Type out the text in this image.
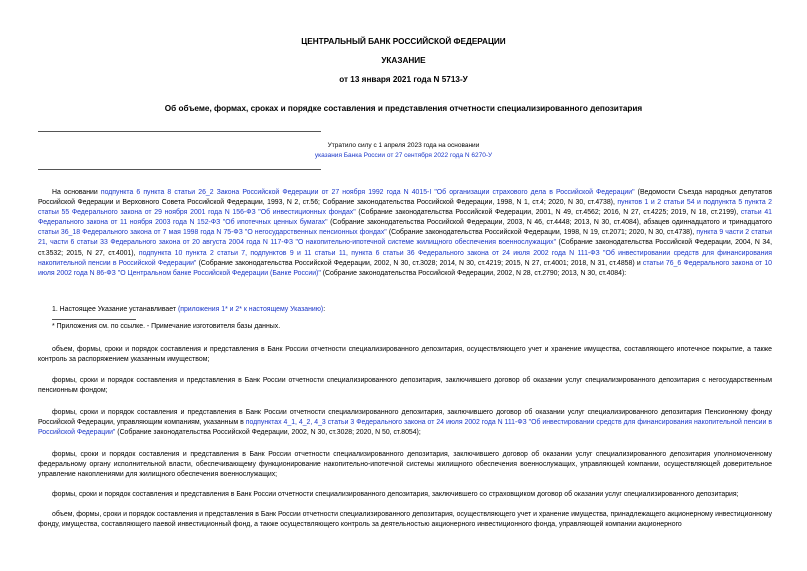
ЦЕНТРАЛЬНЫЙ БАНК РОССИЙСКОЙ ФЕДЕРАЦИИ
УКАЗАНИЕ
от 13 января 2021 года N 5713-У
Об объеме, формах, сроках и порядке составления и представления отчетности специализированного депозитария
Утратило силу с 1 апреля 2023 года на основании
указания Банка России от 27 сентября 2022 года N 6270-У

На основании подпункта 6 пункта 8 статьи 26_2 Закона Российской Федерации от 27 ноября 1992 года N 4015-I "Об организации страхового дела в Российской Федерации" (Ведомости Съезда народных депутатов Российской Федерации и Верховного Совета Российской Федерации, 1993, N 2, ст.56; Собрание законодательства Российской Федерации, 1998, N 1, ст.4; 2020, N 30, ст.4738), пунктов 1 и 2 статьи 54 и подпункта 5 пункта 2 статьи 55 Федерального закона от 29 ноября 2001 года N 156-ФЗ "Об инвестиционных фондах" (Собрание законодательства Российской Федерации, 2001, N 49, ст.4562; 2016, N 27, ст.4225; 2019, N 18, ст.2199), статьи 41 Федерального закона от 11 ноября 2003 года N 152-ФЗ "Об ипотечных ценных бумагах" (Собрание законодательства Российской Федерации, 2003, N 46, ст.4448; 2013, N 30, ст.4084), абзацев одиннадцатого и тринадцатого статьи 36_18 Федерального закона от 7 мая 1998 года N 75-ФЗ "О негосударственных пенсионных фондах" (Собрание законодательства Российской Федерации, 1998, N 19, ст.2071; 2020, N 30, ст.4738), пункта 9 части 2 статьи 21, части 6 статьи 33 Федерального закона от 20 августа 2004 года N 117-ФЗ "О накопительно-ипотечной системе жилищного обеспечения военнослужащих" (Собрание законодательства Российской Федерации, 2004, N 34, ст.3532; 2015, N 27, ст.4001), подпункта 10 пункта 2 статьи 7, подпунктов 9 и 11 статьи 11, пункта 6 статьи 36 Федерального закона от 24 июля 2002 года N 111-ФЗ "Об инвестировании средств для финансирования накопительной пенсии в Российской Федерации" (Собрание законодательства Российской Федерации, 2002, N 30, ст.3028; 2014, N 30, ст.4219; 2015, N 27, ст.4001; 2018, N 31, ст.4858) и статьи 76_6 Федерального закона от 10 июля 2002 года N 86-ФЗ "О Центральном банке Российской Федерации (Банке России)" (Собрание законодательства Российской Федерации, 2002, N 28, ст.2790; 2013, N 30, ст.4084):

1. Настоящее Указание устанавливает (приложения 1* и 2* к настоящему Указанию):

* Приложения см. по ссылке. - Примечание изготовителя базы данных.

объем, формы, сроки и порядок составления и представления в Банк России отчетности специализированного депозитария, осуществляющего учет и хранение имущества, составляющего ипотечное покрытие, а также контроль за распоряжением указанным имуществом;

формы, сроки и порядок составления и представления в Банк России отчетности специализированного депозитария, заключившего договор об оказании услуг специализированного депозитария с негосударственным пенсионным фондом;

формы, сроки и порядок составления и представления в Банк России отчетности специализированного депозитария, заключившего договор об оказании услуг специализированного депозитария Пенсионному фонду Российской Федерации, управляющим компаниям, указанным в подпунктах 4_1, 4_2, 4_3 статьи 3 Федерального закона от 24 июля 2002 года N 111-ФЗ "Об инвестировании средств для финансирования накопительной пенсии в Российской Федерации" (Собрание законодательства Российской Федерации, 2002, N 30, ст.3028; 2020, N 50, ст.8054);

формы, сроки и порядок составления и представления в Банк России отчетности специализированного депозитария, заключившего договор об оказании услуг специализированного депозитария уполномоченному федеральному органу исполнительной власти, обеспечивающему функционирование накопительно-ипотечной системы жилищного обеспечения военнослужащих, управляющей компании, осуществляющей доверительное управление накоплениями для жилищного обеспечения военнослужащих;

формы, сроки и порядок составления и представления в Банк России отчетности специализированного депозитария, заключившего со страховщиком договор об оказании услуг специализированного депозитария;

объем, формы, сроки и порядок составления и представления в Банк России отчетности специализированного депозитария, осуществляющего учет и хранение имущества, принадлежащего акционерному инвестиционному фонду, имущества, составляющего паевой инвестиционный фонд, а также осуществляющего контроль за деятельностью акционерного инвестиционного фонда, управляющей компании акционерного
